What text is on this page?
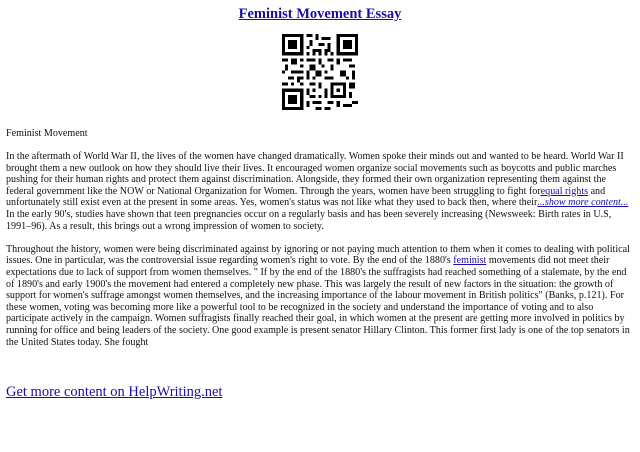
Feminist Movement Essay

Feminist Movement

In the aftermath of World War II, the lives of the women have changed dramatically. Women spoke their minds out and wanted to be heard. World War II brought them a new outlook on how they should live their lives. It encouraged women organize social movements such as boycotts and public marches pushing for their human rights and protect them against discrimination. Alongside, they formed their own organization representing them against the federal government like the NOW or National Organization for Women. Through the years, women have been struggling to fight forequal rights and unfortunately still exist even at the present in some areas. Yes, women's status was not like what they used to back then, where their...show more content...

In the early 90's, studies have shown that teen pregnancies occur on a regularly basis and has been severely increasing (Newsweek: Birth rates in U.S, 1991–96). As a result, this brings out a wrong impression of women to society.

Throughout the history, women were being discriminated against by ignoring or not paying much attention to them when it comes to dealing with political issues. One in particular, was the controversial issue regarding women's right to vote. By the end of the 1880's feminist movements did not meet their expectations due to lack of support from women themselves. " If by the end of the 1880's the suffragists had reached something of a stalemate, by the end of 1890's and early 1900's the movement had entered a completely new phase. This was largely the result of new factors in the situation: the growth of support for women's suffrage amongst women themselves, and the increasing importance of the labour movement in British politics" (Banks, p.121). For these women, voting was becoming more like a powerful tool to be recognized in the society and understand the importance of voting and to also participate actively in the campaign. Women suffragists finally reached their goal, in which women at the present are getting more involved in politics by running for office and being leaders of the society. One good example is present senator Hillary Clinton. This former first lady is one of the top senators in the United States today. She fought

Get more content on HelpWriting.net
